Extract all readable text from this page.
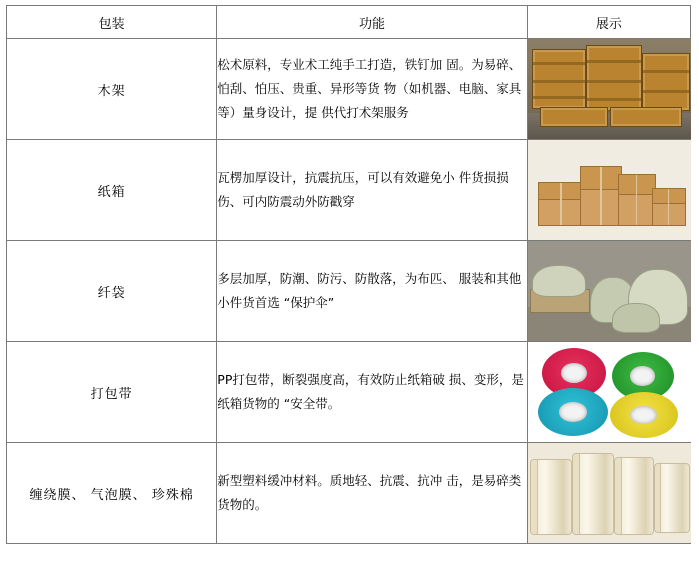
包装	功能	展示
木架	松术原料，专业术工纯手工打造，铁钉加 固。为易碎、怕刮、怕压、贵重、异形等货 物（如机器、电脑、家具等）量身设计，提 供代打术架服务	

纸箱	瓦楞加厚设计，抗震抗压，可以有效避免小 件货损损伤、可内防震动外防戳穿	

纤袋	多层加厚，防潮、防污、防散落，为布匹、 服装和其他小件货首选 “保护伞”	

打包带	PP打包带，断裂强度高，有效防止纸箱破 损、变形，是纸箱货物的 “安全带。	

缠绕膜、 气泡膜、 珍殊棉	新型塑料缓冲材料。质地轻、抗震、抗冲 击，是易碎类货物的。	
